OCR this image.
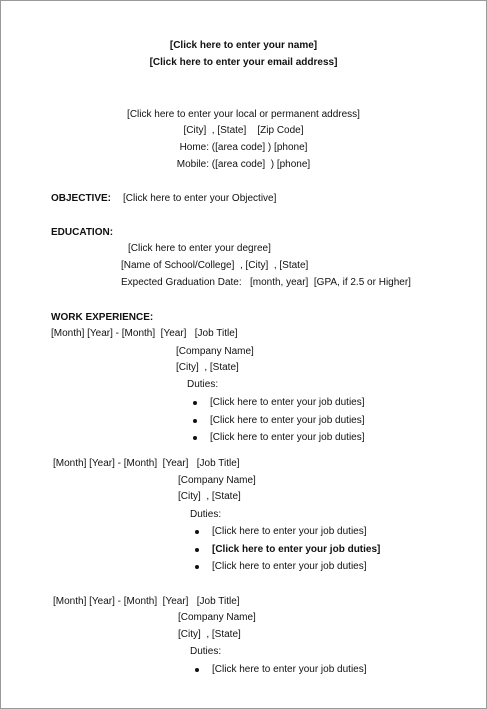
[Click here to enter your name]
[Click here to enter your email address]
[Click here to enter your local or permanent address]
[City]  , [State]    [Zip Code]
Home: ([area code] ) [phone]
Mobile: ([area code]  ) [phone]
OBJECTIVE: [Click here to enter your Objective]
EDUCATION:
[Click here to enter your degree]
[Name of School/College]  , [City]  , [State]
Expected Graduation Date:   [month, year]  [GPA, if 2.5 or Higher]
WORK EXPERIENCE:
[Month] [Year] - [Month]  [Year]   [Job Title]
[Company Name]
[City]  , [State]
Duties:
[Click here to enter your job duties]
[Click here to enter your job duties]
[Click here to enter your job duties]
[Month] [Year] - [Month]  [Year]   [Job Title]
[Company Name]
[City]  , [State]
Duties:
[Click here to enter your job duties]
[Click here to enter your job duties]
[Click here to enter your job duties]
[Month] [Year] - [Month]  [Year]   [Job Title]
[Company Name]
[City]  , [State]
Duties:
[Click here to enter your job duties]
